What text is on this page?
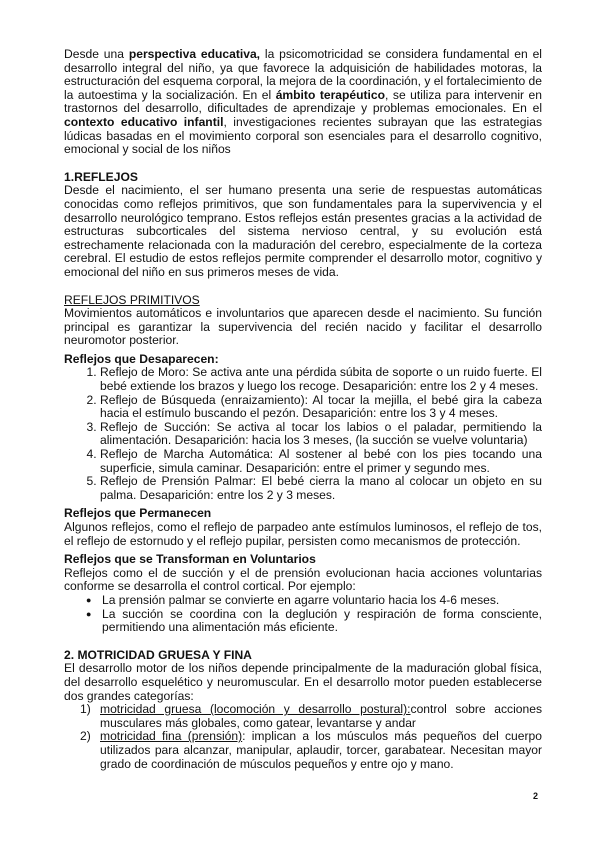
Desde una perspectiva educativa, la psicomotricidad se considera fundamental en el desarrollo integral del niño, ya que favorece la adquisición de habilidades motoras, la estructuración del esquema corporal, la mejora de la coordinación, y el fortalecimiento de la autoestima y la socialización. En el ámbito terapéutico, se utiliza para intervenir en trastornos del desarrollo, dificultades de aprendizaje y problemas emocionales. En el contexto educativo infantil, investigaciones recientes subrayan que las estrategias lúdicas basadas en el movimiento corporal son esenciales para el desarrollo cognitivo, emocional y social de los niños

1.REFLEJOS

Desde el nacimiento, el ser humano presenta una serie de respuestas automáticas conocidas como reflejos primitivos, que son fundamentales para la supervivencia y el desarrollo neurológico temprano. Estos reflejos están presentes gracias a la actividad de estructuras subcorticales del sistema nervioso central, y su evolución está estrechamente relacionada con la maduración del cerebro, especialmente de la corteza cerebral. El estudio de estos reflejos permite comprender el desarrollo motor, cognitivo y emocional del niño en sus primeros meses de vida.

REFLEJOS PRIMITIVOS

Movimientos automáticos e involuntarios que aparecen desde el nacimiento. Su función principal es garantizar la supervivencia del recién nacido y facilitar el desarrollo neuromotor posterior.

Reflejos que Desaparecen:

1. Reflejo de Moro: Se activa ante una pérdida súbita de soporte o un ruido fuerte. El bebé extiende los brazos y luego los recoge. Desaparición: entre los 2 y 4 meses.
2. Reflejo de Búsqueda (enraizamiento): Al tocar la mejilla, el bebé gira la cabeza hacia el estímulo buscando el pezón. Desaparición: entre los 3 y 4 meses.
3. Reflejo de Succión: Se activa al tocar los labios o el paladar, permitiendo la alimentación. Desaparición: hacia los 3 meses, (la succión se vuelve voluntaria)
4. Reflejo de Marcha Automática: Al sostener al bebé con los pies tocando una superficie, simula caminar. Desaparición: entre el primer y segundo mes.
5. Reflejo de Prensión Palmar: El bebé cierra la mano al colocar un objeto en su palma. Desaparición: entre los 2 y 3 meses.

Reflejos que Permanecen

Algunos reflejos, como el reflejo de parpadeo ante estímulos luminosos, el reflejo de tos, el reflejo de estornudo y el reflejo pupilar, persisten como mecanismos de protección.

Reflejos que se Transforman en Voluntarios

Reflejos como el de succión y el de prensión evolucionan hacia acciones voluntarias conforme se desarrolla el control cortical. Por ejemplo:

● La prensión palmar se convierte en agarre voluntario hacia los 4-6 meses.
● La succión se coordina con la deglución y respiración de forma consciente, permitiendo una alimentación más eficiente.

2. MOTRICIDAD GRUESA Y FINA

El desarrollo motor de los niños depende principalmente de la maduración global física, del desarrollo esquelético y neuromuscular. En el desarrollo motor pueden establecerse dos grandes categorías:

1) motricidad gruesa (locomoción y desarrollo postural):control sobre acciones musculares más globales, como gatear, levantarse y andar
2) motricidad fina (prensión): implican a los músculos más pequeños del cuerpo utilizados para alcanzar, manipular, aplaudir, torcer, garabatear. Necesitan mayor grado de coordinación de músculos pequeños y entre ojo y mano.
2
